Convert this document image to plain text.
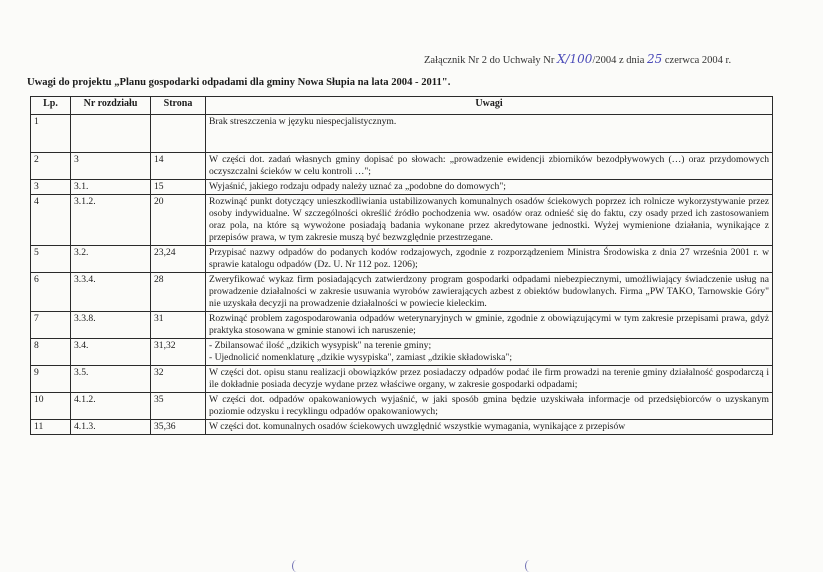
Załącznik Nr 2 do Uchwały Nr X/100/2004 z dnia 25 czerwca 2004 r.
Uwagi do projektu „Planu gospodarki odpadami dla gminy Nowa Słupia na lata 2004 - 2011".
Lp.	Nr rozdziału	Strona	Uwagi
1			Brak streszczenia w języku niespecjalistycznym.
2	3	14	W części dot. zadań własnych gminy dopisać po słowach: „prowadzenie ewidencji zbiorników bezodpływowych (…) oraz przydomowych oczyszczalni ścieków w celu kontroli …";
3	3.1.	15	Wyjaśnić, jakiego rodzaju odpady należy uznać za „podobne do domowych";
4	3.1.2.	20	Rozwinąć punkt dotyczący unieszkodliwiania ustabilizowanych komunalnych osadów ściekowych poprzez ich rolnicze wykorzystywanie przez osoby indywidualne. W szczególności określić źródło pochodzenia ww. osadów oraz odnieść się do faktu, czy osady przed ich zastosowaniem oraz pola, na które są wywożone posiadają badania wykonane przez akredytowane jednostki. Wyżej wymienione działania, wynikające z przepisów prawa, w tym zakresie muszą być bezwzględnie przestrzegane.
5	3.2.	23,24	Przypisać nazwy odpadów do podanych kodów rodzajowych, zgodnie z rozporządzeniem Ministra Środowiska z dnia 27 września 2001 r. w sprawie katalogu odpadów (Dz. U. Nr 112 poz. 1206);
6	3.3.4.	28	Zweryfikować wykaz firm posiadających zatwierdzony program gospodarki odpadami niebezpiecznymi, umożliwiający świadczenie usług na prowadzenie działalności w zakresie usuwania wyrobów zawierających azbest z obiektów budowlanych. Firma „PW TAKO, Tarnowskie Góry" nie uzyskała decyzji na prowadzenie działalności w powiecie kieleckim.
7	3.3.8.	31	Rozwinąć problem zagospodarowania odpadów weterynaryjnych w gminie, zgodnie z obowiązującymi w tym zakresie przepisami prawa, gdyż praktyka stosowana w gminie stanowi ich naruszenie;
8	3.4.	31,32	- Zbilansować ilość „dzikich wysypisk" na terenie gminy;
- Ujednolicić nomenklaturę „dzikie wysypiska", zamiast „dzikie składowiska";

9	3.5.	32	W części dot. opisu stanu realizacji obowiązków przez posiadaczy odpadów podać ile firm prowadzi na terenie gminy działalność gospodarczą i ile dokładnie posiada decyzje wydane przez właściwe organy, w zakresie gospodarki odpadami;
10	4.1.2.	35	W części dot. odpadów opakowaniowych wyjaśnić, w jaki sposób gmina będzie uzyskiwała informacje od przedsiębiorców o uzyskanym poziomie odzysku i recyklingu odpadów opakowaniowych;
11	4.1.3.	35,36	W części dot. komunalnych osadów ściekowych uwzględnić wszystkie wymagania, wynikające z przepisów
